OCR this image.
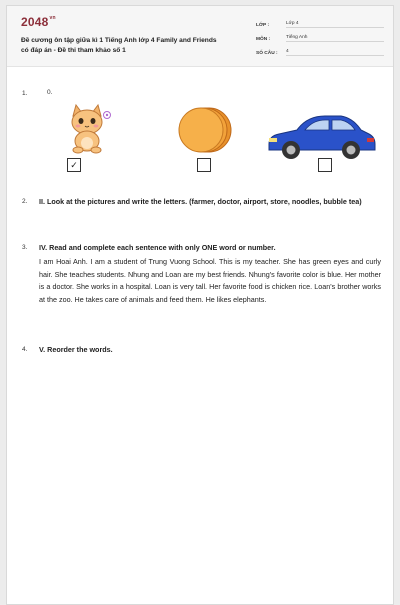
$2048^{vn}$
Đề cương ôn tập giữa kì 1 Tiếng Anh lớp 4 Family and Friends có đáp án - Đề thi tham khảo số 1
LỚP :	Lớp 4
MÔN :	Tiếng Anh
SỐ CÂU :	4
1.	0.
✓
2. II. Look at the pictures and write the letters. (farmer, doctor, airport, store, noodles, bubble tea)
3. IV. Read and complete each sentence with only ONE word or number.
I am Hoai Anh. I am a student of Trung Vuong School. This is my teacher. She has green eyes and curly hair. She teaches students. Nhung and Loan are my best friends. Nhung's favorite color is blue. Her mother is a doctor. She works in a hospital. Loan is very tall. Her favorite food is chicken rice. Loan's brother works at the zoo. He takes care of animals and feed them. He likes elephants.
4. V. Reorder the words.
